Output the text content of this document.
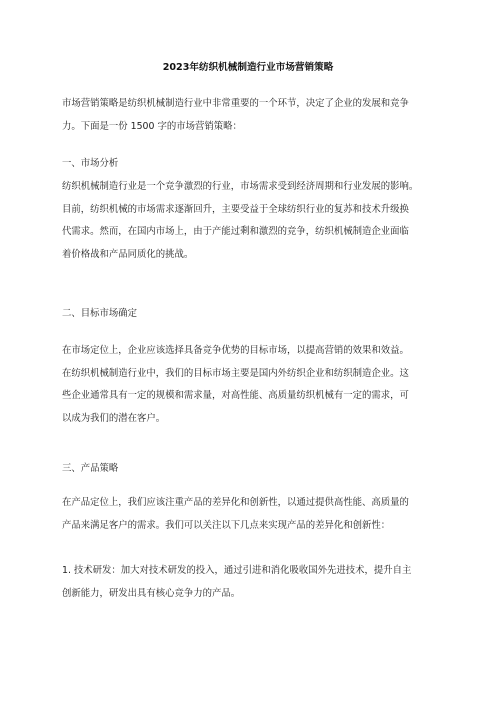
2023年纺织机械制造行业市场营销策略
市场营销策略是纺织机械制造行业中非常重要的一个环节，决定了企业的发展和竞争
力。下面是一份 1500 字的市场营销策略：
一、市场分析
纺织机械制造行业是一个竞争激烈的行业，市场需求受到经济周期和行业发展的影响。
目前，纺织机械的市场需求逐渐回升，主要受益于全球纺织行业的复苏和技术升级换
代需求。然而，在国内市场上，由于产能过剩和激烈的竞争，纺织机械制造企业面临
着价格战和产品同质化的挑战。
二、目标市场确定
在市场定位上，企业应该选择具备竞争优势的目标市场，以提高营销的效果和效益。
在纺织机械制造行业中，我们的目标市场主要是国内外纺织企业和纺织制造企业。这
些企业通常具有一定的规模和需求量，对高性能、高质量纺织机械有一定的需求，可
以成为我们的潜在客户。
三、产品策略
在产品定位上，我们应该注重产品的差异化和创新性，以通过提供高性能、高质量的
产品来满足客户的需求。我们可以关注以下几点来实现产品的差异化和创新性：
1. 技术研发：加大对技术研发的投入，通过引进和消化吸收国外先进技术，提升自主
创新能力，研发出具有核心竞争力的产品。
